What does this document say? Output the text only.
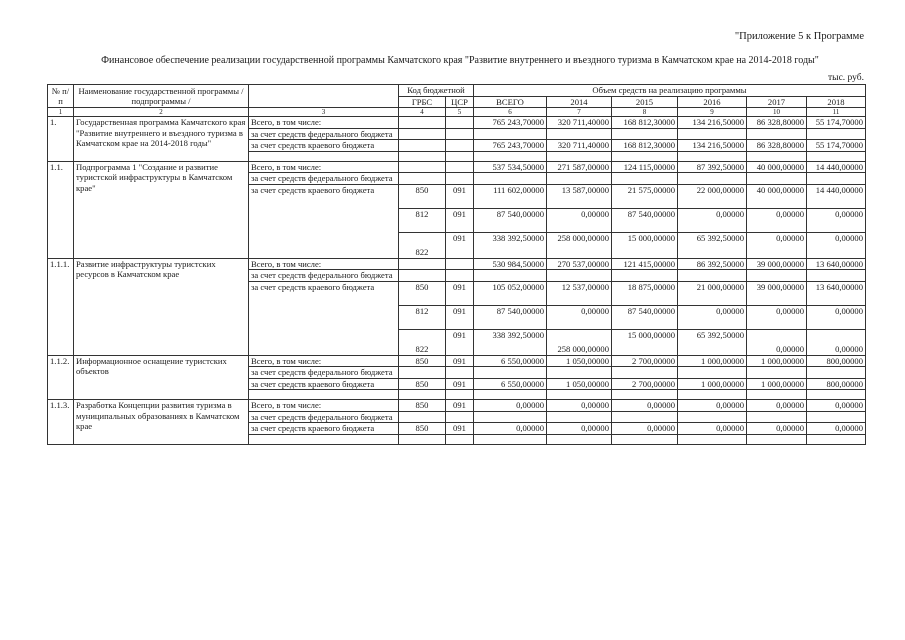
"Приложение 5 к Программе
Финансовое обеспечение реализации государственной программы Камчатского края "Развитие внутреннего и въездного туризма в Камчатском крае на 2014-2018 годы"
тыс. руб.
№ п/п	Наименование государственной программы / подпрограммы /		Код бюджетной		Объем средств на реализацию программы					
			ГРБС	ЦСР	ВСЕГО	2014	2015	2016	2017	2018
1	2	3	4	5	6	7	8	9	10	11
1.	Государственная программа Камчатского края "Развитие внутреннего и въездного туризма в Камчатском крае на 2014-2018 годы"	Всего, в том числе:			765 243,70000	320 711,40000	168 812,30000	134 216,50000	86 328,80000	55 174,70000
		за счет средств федерального бюджета								
		за счет средств краевого бюджета			765 243,70000	320 711,40000	168 812,30000	134 216,50000	86 328,80000	55 174,70000

1.1.	Подпрограмма 1 "Создание и развитие туристской инфраструктуры в Камчатском крае"	Всего, в том числе:			537 534,50000	271 587,00000	124 115,00000	87 392,50000	40 000,00000	14 440,00000
		за счет средств федерального бюджета								
		за счет средств краевого бюджета	850	091	111 602,00000	13 587,00000	21 575,00000	22 000,00000	40 000,00000	14 440,00000
			812	091	87 540,00000	0,00000	87 540,00000	0,00000	0,00000	0,00000
			822	091	338 392,50000	258 000,00000	15 000,00000	65 392,50000	0,00000	0,00000
1.1.1.	Развитие инфраструктуры туристских ресурсов в Камчатском крае	Всего, в том числе:			530 984,50000	270 537,00000	121 415,00000	86 392,50000	39 000,00000	13 640,00000
		за счет средств федерального бюджета								
		за счет средств краевого бюджета	850	091	105 052,00000	12 537,00000	18 875,00000	21 000,00000	39 000,00000	13 640,00000
			812	091	87 540,00000	0,00000	87 540,00000	0,00000	0,00000	0,00000
			822	091	338 392,50000	258 000,00000	15 000,00000	65 392,50000	0,00000	0,00000
1.1.2.	Информационное оснащение туристских объектов	Всего, в том числе:	850	091	6 550,00000	1 050,00000	2 700,00000	1 000,00000	1 000,00000	800,00000
		за счет средств федерального бюджета								
		за счет средств краевого бюджета	850	091	6 550,00000	1 050,00000	2 700,00000	1 000,00000	1 000,00000	800,00000

1.1.3.	Разработка Концепции развития туризма в муниципальных образованиях в Камчатском крае	Всего, в том числе:	850	091	0,00000	0,00000	0,00000	0,00000	0,00000	0,00000
		за счет средств федерального бюджета								
		за счет средств краевого бюджета	850	091	0,00000	0,00000	0,00000	0,00000	0,00000	0,00000
